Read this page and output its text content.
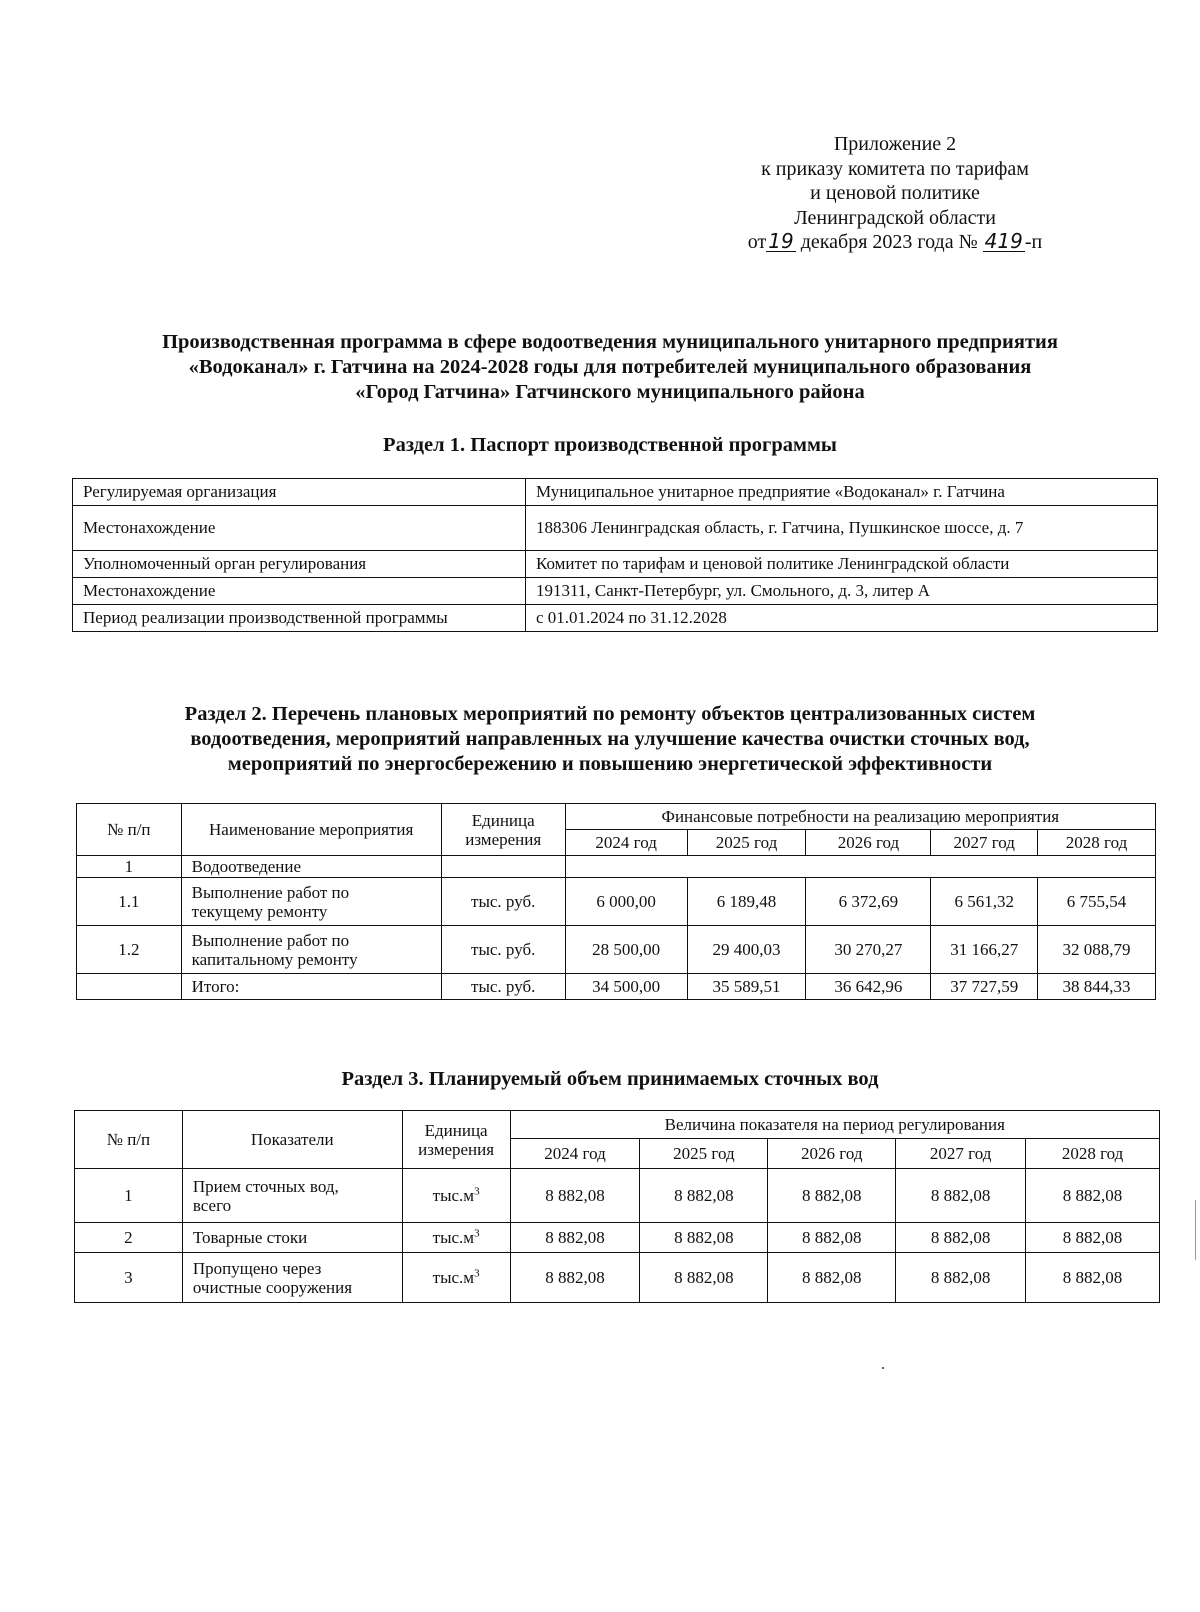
Приложение 2
к приказу комитета по тарифам
и ценовой политике
Ленинградской области
от 19 декабря 2023 года № 419 -п
Производственная программа в сфере водоотведения муниципального унитарного предприятия
«Водоканал» г. Гатчина на 2024-2028 годы для потребителей муниципального образования
«Город Гатчина» Гатчинского муниципального района
Раздел 1. Паспорт производственной программы
Регулируемая организация	Муниципальное унитарное предприятие «Водоканал» г. Гатчина
Местонахождение	188306 Ленинградская область, г. Гатчина, Пушкинское шоссе, д. 7
Уполномоченный орган регулирования	Комитет по тарифам и ценовой политике Ленинградской области
Местонахождение	191311, Санкт-Петербург, ул. Смольного, д. 3, литер А
Период реализации производственной программы	с 01.01.2024 по 31.12.2028
Раздел 2. Перечень плановых мероприятий по ремонту объектов централизованных систем
водоотведения, мероприятий направленных на улучшение качества очистки сточных вод,
мероприятий по энергосбережению и повышению энергетической эффективности
№ п/п	Наименование мероприятия	Единица
измерения	Финансовые потребности на реализацию мероприятия				
			2024 год	2025 год	2026 год	2027 год	2028 год
1	Водоотведение						
1.1	Выполнение работ по
текущему ремонту	тыс. руб.	6 000,00	6 189,48	6 372,69	6 561,32	6 755,54
1.2	Выполнение работ по
капитальному ремонту	тыс. руб.	28 500,00	29 400,03	30 270,27	31 166,27	32 088,79
	Итого:	тыс. руб.	34 500,00	35 589,51	36 642,96	37 727,59	38 844,33
Раздел 3. Планируемый объем принимаемых сточных вод
№ п/п	Показатели	Единица
измерения	Величина показателя на период регулирования				
			2024 год	2025 год	2026 год	2027 год	2028 год
1	Прием сточных вод,
всего	$тыс.м^3$	8 882,08	8 882,08	8 882,08	8 882,08	8 882,08
2	Товарные стоки	$тыс.м^3$	8 882,08	8 882,08	8 882,08	8 882,08	8 882,08
3	Пропущено через
очистные сооружения	$тыс.м^3$	8 882,08	8 882,08	8 882,08	8 882,08	8 882,08
